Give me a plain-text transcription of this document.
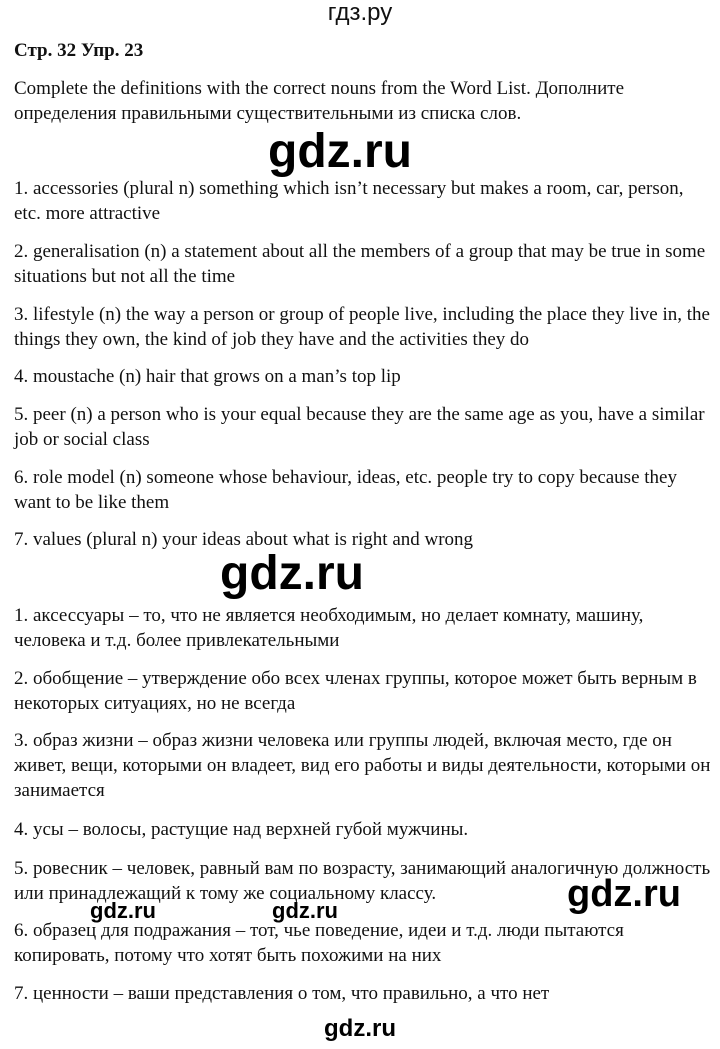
гдз.ру
Стр. 32 Упр. 23

Complete the definitions with the correct nouns from the Word List. Дополните определения правильными существительными из списка слов.

gdz.ru

1. accessories (plural n) something which isn’t necessary but makes a room, car, person, etc. more attractive

2. generalisation (n) a statement about all the members of a group that may be true in some situations but not all the time

3. lifestyle (n) the way a person or group of people live, including the place they live in, the things they own, the kind of job they have and the activities they do

4. moustache (n) hair that grows on a man’s top lip

5. peer (n) a person who is your equal because they are the same age as you, have a similar job or social class

6. role model (n) someone whose behaviour, ideas, etc. people try to copy because they want to be like them

7. values (plural n) your ideas about what is right and wrong

gdz.ru

1. аксессуары – то, что не является необходимым, но делает комнату, машину, человека и т.д. более привлекательными

2. обобщение – утверждение обо всех членах группы, которое может быть верным в некоторых ситуациях, но не всегда

3. образ жизни – образ жизни человека или группы людей, включая место, где он живет, вещи, которыми он владеет, вид его работы и виды деятельности, которыми он занимается

4. усы – волосы, растущие над верхней губой мужчины.

5. ровесник – человек, равный вам по возрасту, занимающий аналогичную должность или принадлежащий к тому же социальному классу.	gdz.ru
gdz.ru	gdz.ru

6. образец для подражания – тот, чье поведение, идеи и т.д. люди пытаются копировать, потому что хотят быть похожими на них

7. ценности – ваши представления о том, что правильно, а что нет

gdz.ru
